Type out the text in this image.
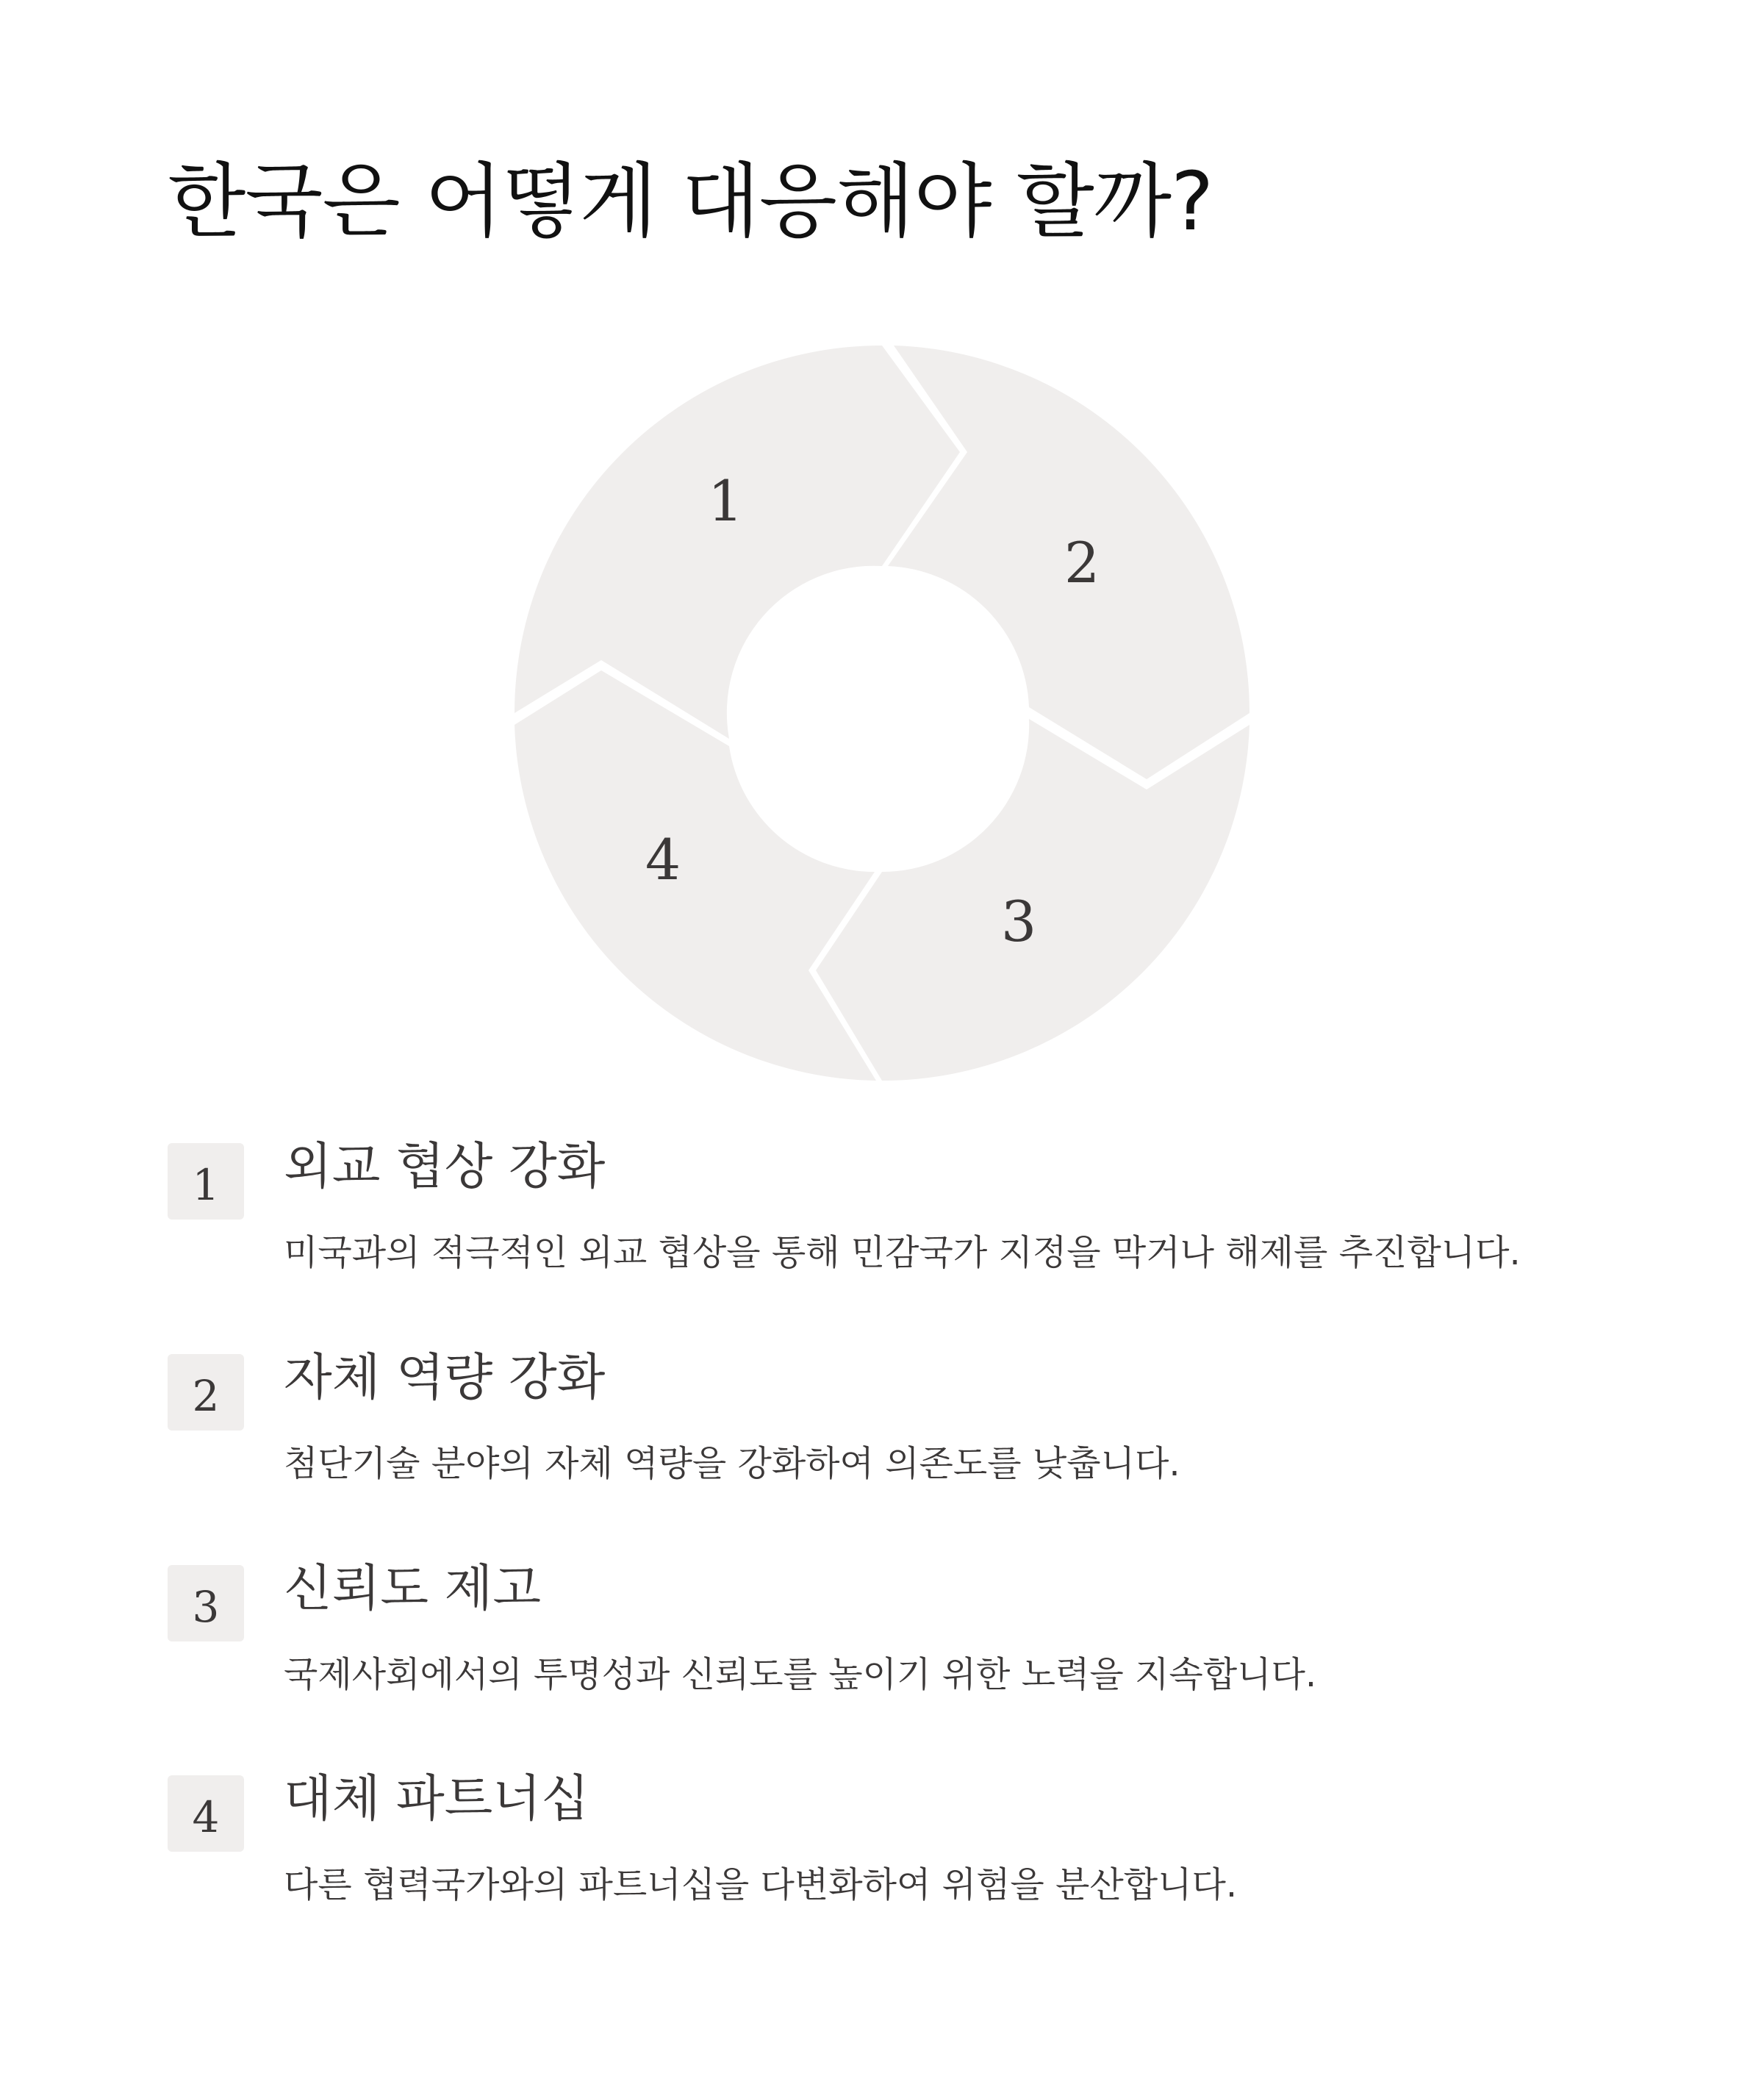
한국은 어떻게 대응해야 할까?
1
2
3
4
1	외교 협상 강화

미국과의 적극적인 외교 협상을 통해 민감국가 지정을 막거나 해제를 추진합니다.

2	자체 역량 강화

첨단기술 분야의 자체 역량을 강화하여 의존도를 낮춥니다.

3	신뢰도 제고

국제사회에서의 투명성과 신뢰도를 높이기 위한 노력을 지속합니다.

4	대체 파트너십

다른 협력국가와의 파트너십을 다변화하여 위험을 분산합니다.
